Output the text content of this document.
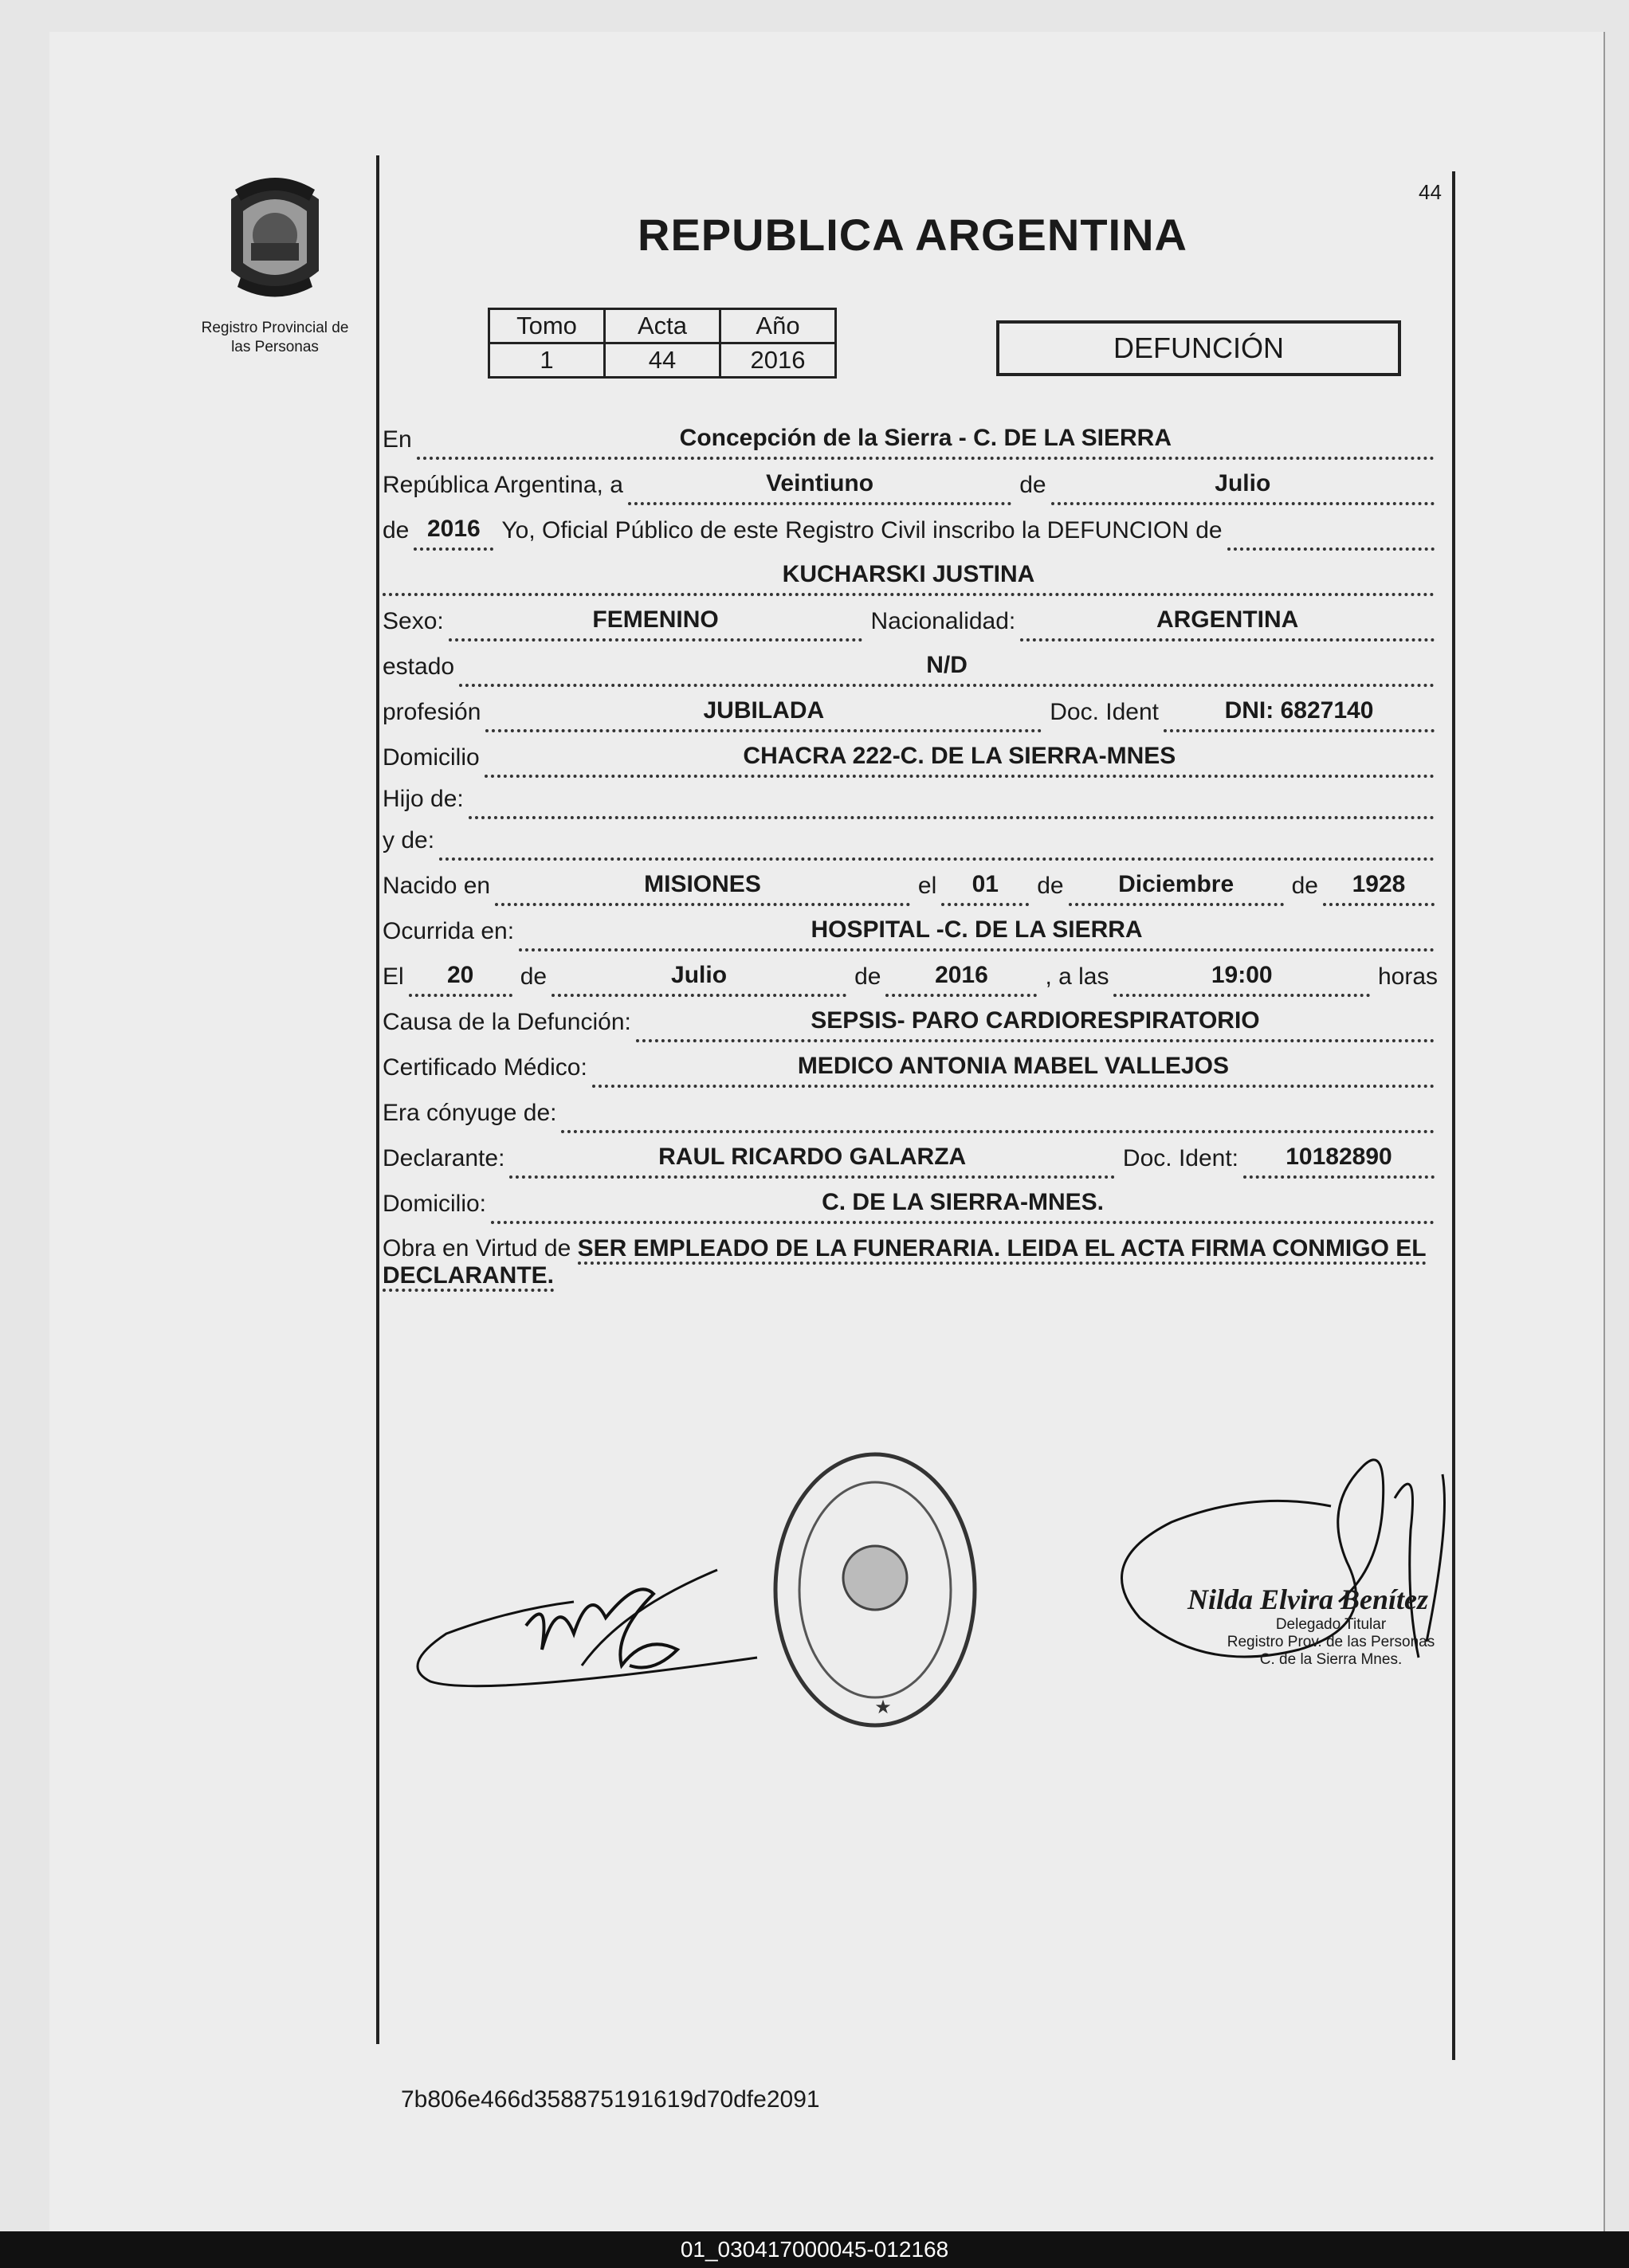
Registro Provincial de
las Personas
44
REPUBLICA ARGENTINA
Tomo	Acta	Año
1	44	2016	DEFUNCIÓN
En	Concepción de la Sierra - C. DE LA SIERRA
República Argentina, a	Veintiuno	de	Julio
de 2016 Yo, Oficial Público de este Registro Civil inscribo la DEFUNCION de
KUCHARSKI JUSTINA
Sexo:	FEMENINO	Nacionalidad:	ARGENTINA
estado	N/D
profesión	JUBILADA	Doc. Ident	DNI: 6827140
Domicilio	CHACRA 222-C. DE LA SIERRA-MNES
Hijo de:
y de:
Nacido en	MISIONES	el	01	de	Diciembre	de	1928
Ocurrida en:	HOSPITAL -C. DE LA SIERRA
El	20	de	Julio	de	2016	, a las	19:00	horas
Causa de la Defunción:	SEPSIS- PARO CARDIORESPIRATORIO
Certificado Médico:	MEDICO ANTONIA MABEL VALLEJOS
Era cónyuge de:
Declarante:	RAUL RICARDO GALARZA	Doc. Ident:	10182890
Domicilio:	C. DE LA SIERRA-MNES.
Obra en Virtud de SER EMPLEADO DE LA FUNERARIA. LEIDA EL ACTA FIRMA CONMIGO EL DECLARANTE.
★
Nilda Elvira Benítez
Delegado Titular
Registro Prov. de las Personas
C. de la Sierra Mnes.
7b806e466d358875191619d70dfe2091
01_030417000045-012168
